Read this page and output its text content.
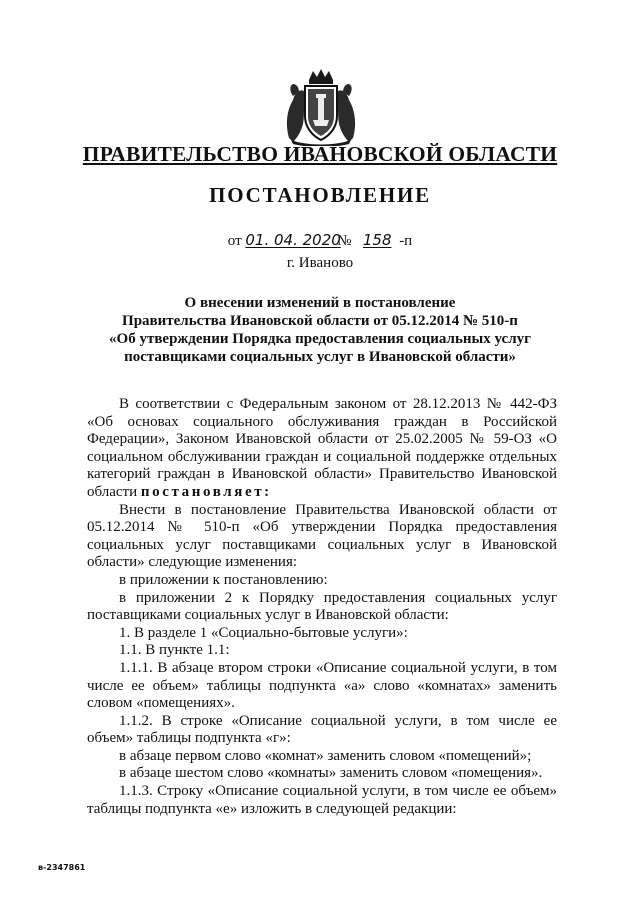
ПРАВИТЕЛЬСТВО ИВАНОВСКОЙ ОБЛАСТИ
ПОСТАНОВЛЕНИЕ
от 01. 04. 2020 № 158 -п
г. Иваново
О внесении изменений в постановление
Правительства Ивановской области от 05.12.2014 № 510-п
«Об утверждении Порядка предоставления социальных услуг
поставщиками социальных услуг в Ивановской области»

В соответствии с Федеральным законом от 28.12.2013 № 442-ФЗ «Об основах социального обслуживания граждан в Российской Федерации», Законом Ивановской области от 25.02.2005 № 59-ОЗ «О социальном обслуживании граждан и социальной поддержке отдельных категорий граждан в Ивановской области» Правительство Ивановской области постановляет:

Внести в постановление Правительства Ивановской области от 05.12.2014 № 510-п «Об утверждении Порядка предоставления социальных услуг поставщиками социальных услуг в Ивановской области» следующие изменения:

в приложении к постановлению:

в приложении 2 к Порядку предоставления социальных услуг поставщиками социальных услуг в Ивановской области:

1. В разделе 1 «Социально-бытовые услуги»:

1.1. В пункте 1.1:

1.1.1. В абзаце втором строки «Описание социальной услуги, в том числе ее объем» таблицы подпункта «а» слово «комнатах» заменить словом «помещениях».

1.1.2. В строке «Описание социальной услуги, в том числе ее объем» таблицы подпункта «г»:

в абзаце первом слово «комнат» заменить словом «помещений»;

в абзаце шестом слово «комнаты» заменить словом «помещения».

1.1.3. Строку «Описание социальной услуги, в том числе ее объем» таблицы подпункта «е» изложить в следующей редакции:

в-2347861
